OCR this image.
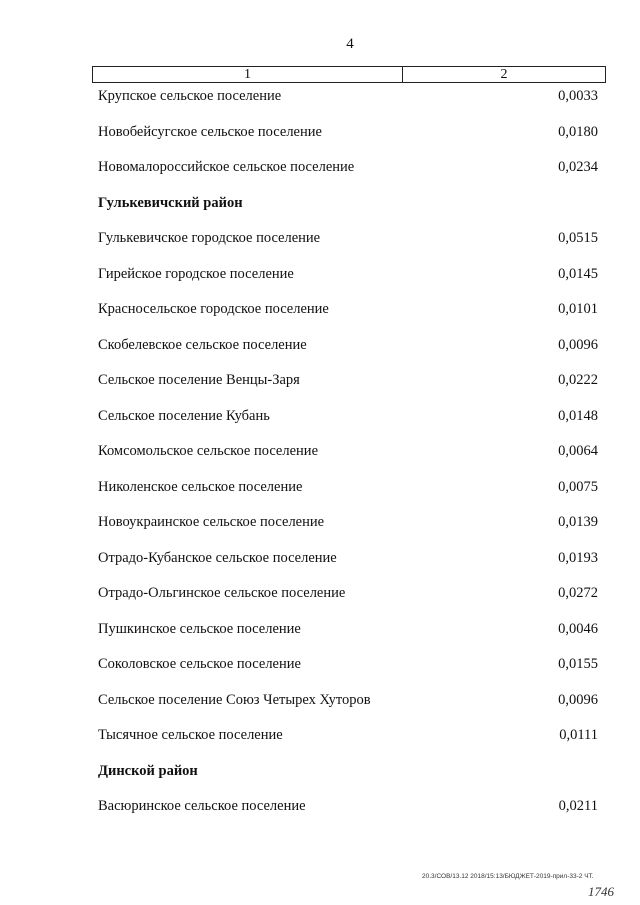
4
1	2
Крупское сельское поселение	0,0033
Новобейсугское сельское поселение	0,0180
Новомалороссийское сельское поселение	0,0234
Гулькевичский район
Гулькевичское городское поселение	0,0515
Гирейское городское поселение	0,0145
Красносельское городское поселение	0,0101
Скобелевское сельское поселение	0,0096
Сельское поселение Венцы-Заря	0,0222
Сельское поселение Кубань	0,0148
Комсомольское сельское поселение	0,0064
Николенское сельское поселение	0,0075
Новоукраинское сельское поселение	0,0139
Отрадо-Кубанское сельское поселение	0,0193
Отрадо-Ольгинское сельское поселение	0,0272
Пушкинское сельское поселение	0,0046
Соколовское сельское поселение	0,0155
Сельское поселение Союз Четырех Хуторов	0,0096
Тысячное сельское поселение	0,0111
Динской район
Васюринское сельское поселение	0,0211
20.3/СОВ/13.12 2018/15:13/БЮДЖЕТ-2019-прил-33-2 ЧТ.
1746
